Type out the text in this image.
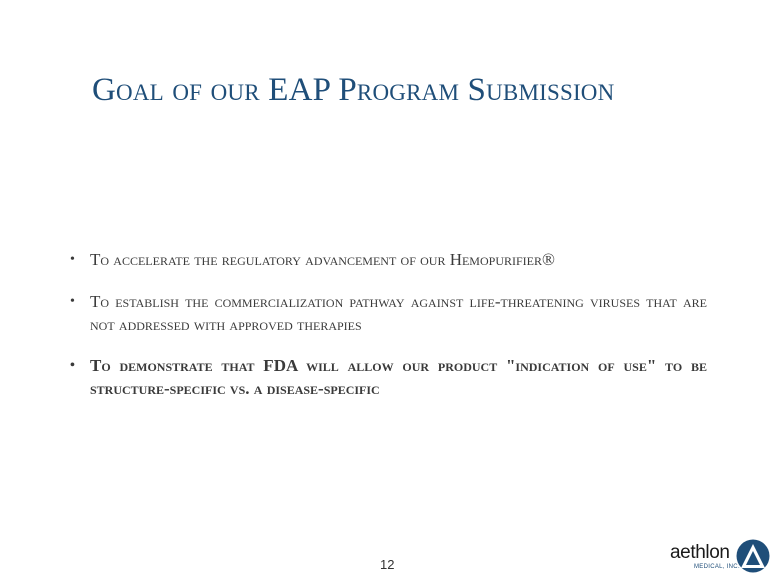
Goal of our EAP Program Submission
• To accelerate the regulatory advancement of our Hemopurifier®
• To establish the commercialization pathway against life-threatening viruses that are not addressed with approved therapies
• To demonstrate that FDA will allow our product "indication of use" to be structure-specific vs. a disease-specific
12
aethlon
MEDICAL, INC.
